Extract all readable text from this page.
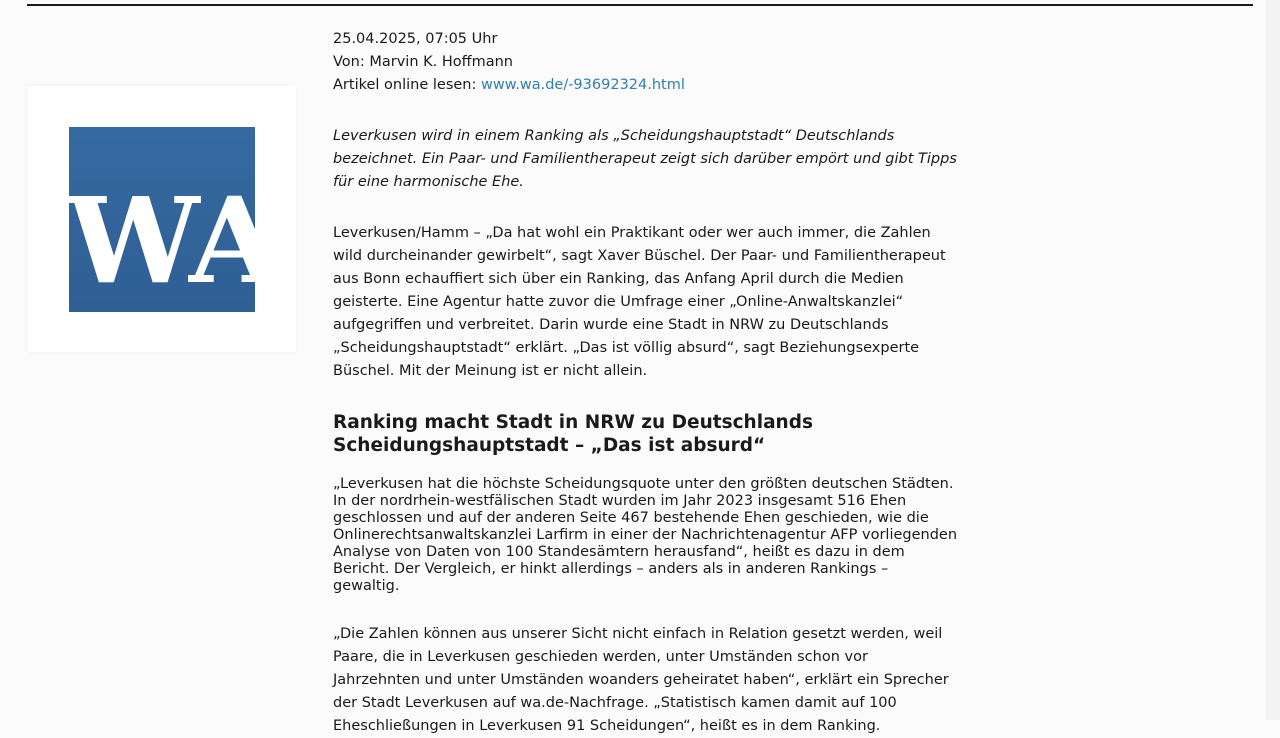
WA
25.04.2025, 07:05 Uhr
Von: Marvin K. Hoffmann
Artikel online lesen: www.wa.de/-93692324.html
Leverkusen wird in einem Ranking als „Scheidungshauptstadt“ Deutschlands bezeichnet. Ein Paar- und Familientherapeut zeigt sich darüber empört und gibt Tipps für eine harmonische Ehe.
Leverkusen/Hamm – „Da hat wohl ein Praktikant oder wer auch immer, die Zahlen wild durcheinander gewirbelt“, sagt Xaver Büschel. Der Paar- und Familientherapeut aus Bonn echauffiert sich über ein Ranking, das Anfang April durch die Medien geisterte. Eine Agentur hatte zuvor die Umfrage einer „Online-Anwaltskanzlei“ aufgegriffen und verbreitet. Darin wurde eine Stadt in NRW zu Deutschlands „Scheidungshauptstadt“ erklärt. „Das ist völlig absurd“, sagt Beziehungsexperte Büschel. Mit der Meinung ist er nicht allein.
Ranking macht Stadt in NRW zu Deutschlands Scheidungshauptstadt – „Das ist absurd“
„Leverkusen hat die höchste Scheidungsquote unter den größten deutschen Städten. In der nordrhein-westfälischen Stadt wurden im Jahr 2023 insgesamt 516 Ehen geschlossen und auf der anderen Seite 467 bestehende Ehen geschieden, wie die Onlinerechtsanwaltskanzlei Larfirm in einer der Nachrichtenagentur AFP vorliegenden Analyse von Daten von 100 Standesämtern herausfand“, heißt es dazu in dem Bericht. Der Vergleich, er hinkt allerdings – anders als in anderen Rankings – gewaltig.
„Die Zahlen können aus unserer Sicht nicht einfach in Relation gesetzt werden, weil Paare, die in Leverkusen geschieden werden, unter Umständen schon vor Jahrzehnten und unter Umständen woanders geheiratet haben“, erklärt ein Sprecher der Stadt Leverkusen auf wa.de-Nachfrage. „Statistisch kamen damit auf 100 Eheschließungen in Leverkusen 91 Scheidungen“, heißt es in dem Ranking.
